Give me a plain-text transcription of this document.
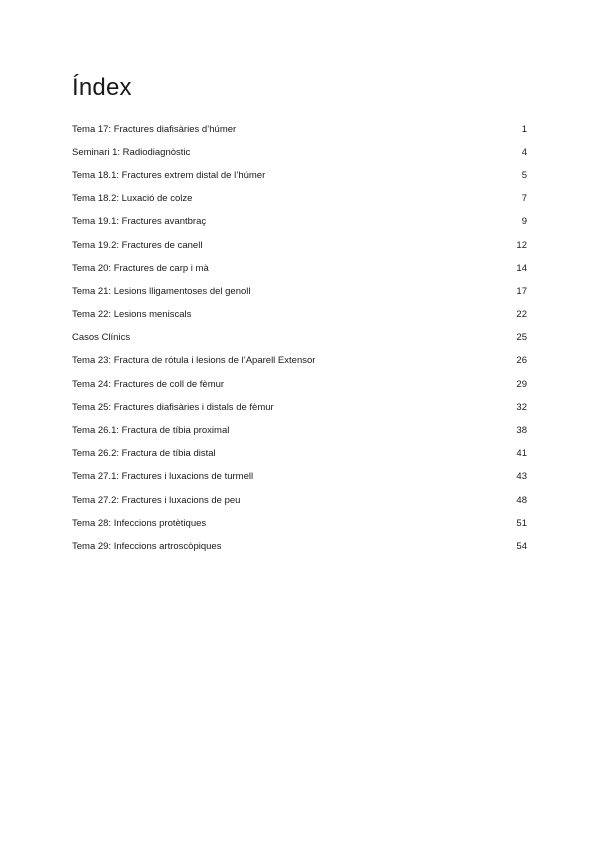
Índex
Tema 17: Fractures diafisàries d’húmer	1
Seminari 1: Radiodiagnòstic	4
Tema 18.1: Fractures extrem distal de l’húmer	5
Tema 18.2: Luxació de colze	7
Tema 19.1: Fractures avantbraç	9
Tema 19.2: Fractures de canell	12
Tema 20: Fractures de carp i mà	14
Tema 21: Lesions lligamentoses del genoll	17
Tema 22: Lesions meniscals	22
Casos Clínics	25
Tema 23: Fractura de rótula i lesions de l’Aparell Extensor	26
Tema 24: Fractures de coll de fèmur	29
Tema 25: Fractures diafisàries i distals de fèmur	32
Tema 26.1: Fractura de tíbia proximal	38
Tema 26.2: Fractura de tíbia distal	41
Tema 27.1: Fractures i luxacions de turmell	43
Tema 27.2: Fractures i luxacions de peu	48
Tema 28: Infeccions protètiques	51
Tema 29: Infeccions artroscòpiques	54
